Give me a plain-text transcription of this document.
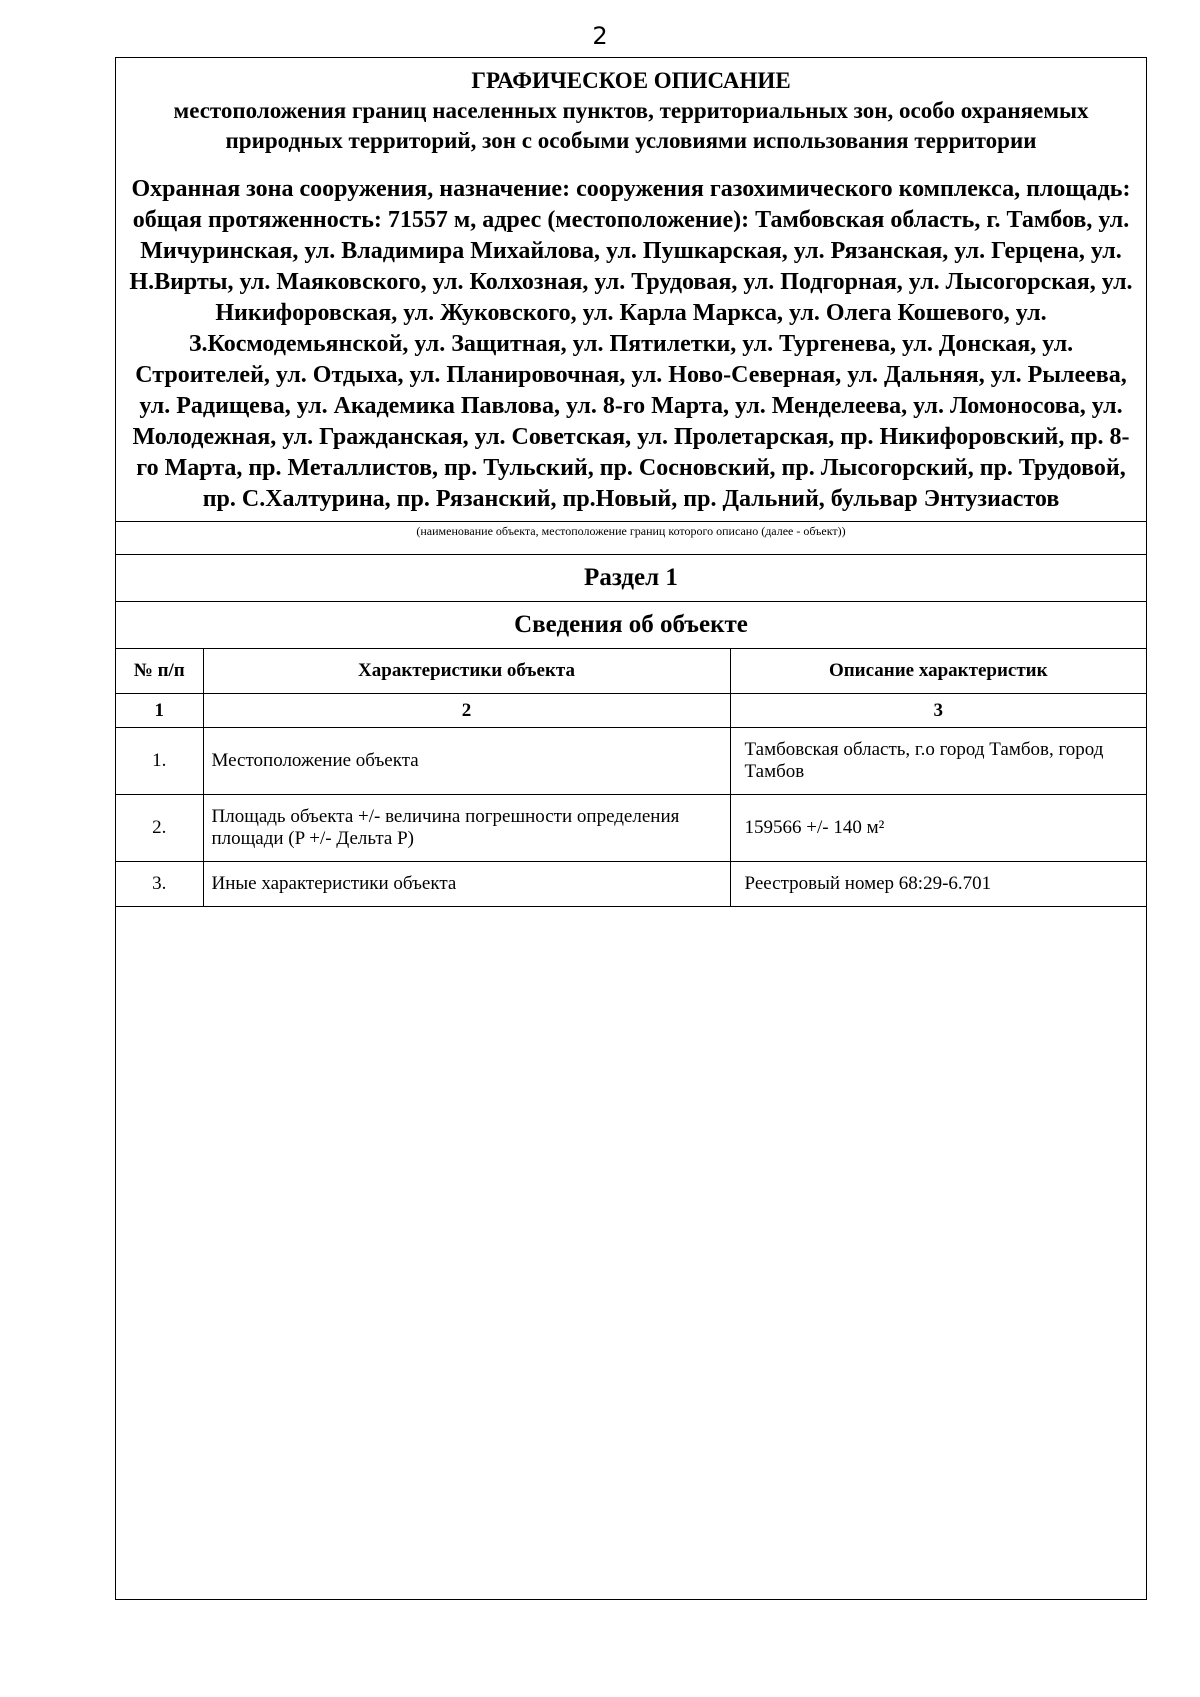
2
ГРАФИЧЕСКОЕ ОПИСАНИЕ
местоположения границ населенных пунктов, территориальных зон, особо охраняемых природных территорий, зон с особыми условиями использования территории
Охранная зона сооружения, назначение: сооружения газохимического комплекса, площадь: общая протяженность: 71557 м, адрес (местоположение): Тамбовская область, г. Тамбов, ул. Мичуринская, ул. Владимира Михайлова, ул. Пушкарская, ул. Рязанская, ул. Герцена, ул. Н.Вирты, ул. Маяковского, ул. Колхозная, ул. Трудовая, ул. Подгорная, ул. Лысогорская, ул. Никифоровская, ул. Жуковского, ул. Карла Маркса, ул. Олега Кошевого, ул. З.Космодемьянской, ул. Защитная, ул. Пятилетки, ул. Тургенева, ул. Донская, ул. Строителей, ул. Отдыха, ул. Планировочная, ул. Ново-Северная, ул. Дальняя, ул. Рылеева, ул. Радищева, ул. Академика Павлова, ул. 8-го Марта, ул. Менделеева, ул. Ломоносова, ул. Молодежная, ул. Гражданская, ул. Советская, ул. Пролетарская, пр. Никифоровский, пр. 8-го Марта, пр. Металлистов, пр. Тульский, пр. Сосновский, пр. Лысогорский, пр. Трудовой, пр. С.Халтурина, пр. Рязанский, пр.Новый, пр. Дальний, бульвар Энтузиастов
(наименование объекта, местоположение границ которого описано (далее - объект))
Раздел 1
Сведения об объекте
№ п/п	Характеристики объекта	Описание характеристик
1	2	3
1.	Местоположение объекта	Тамбовская область, г.о город Тамбов, город Тамбов
2.	Площадь объекта +/- величина погрешности определения площади (P +/- Дельта P)	159566 +/- 140 м²
3.	Иные характеристики объекта	Реестровый номер 68:29-6.701
